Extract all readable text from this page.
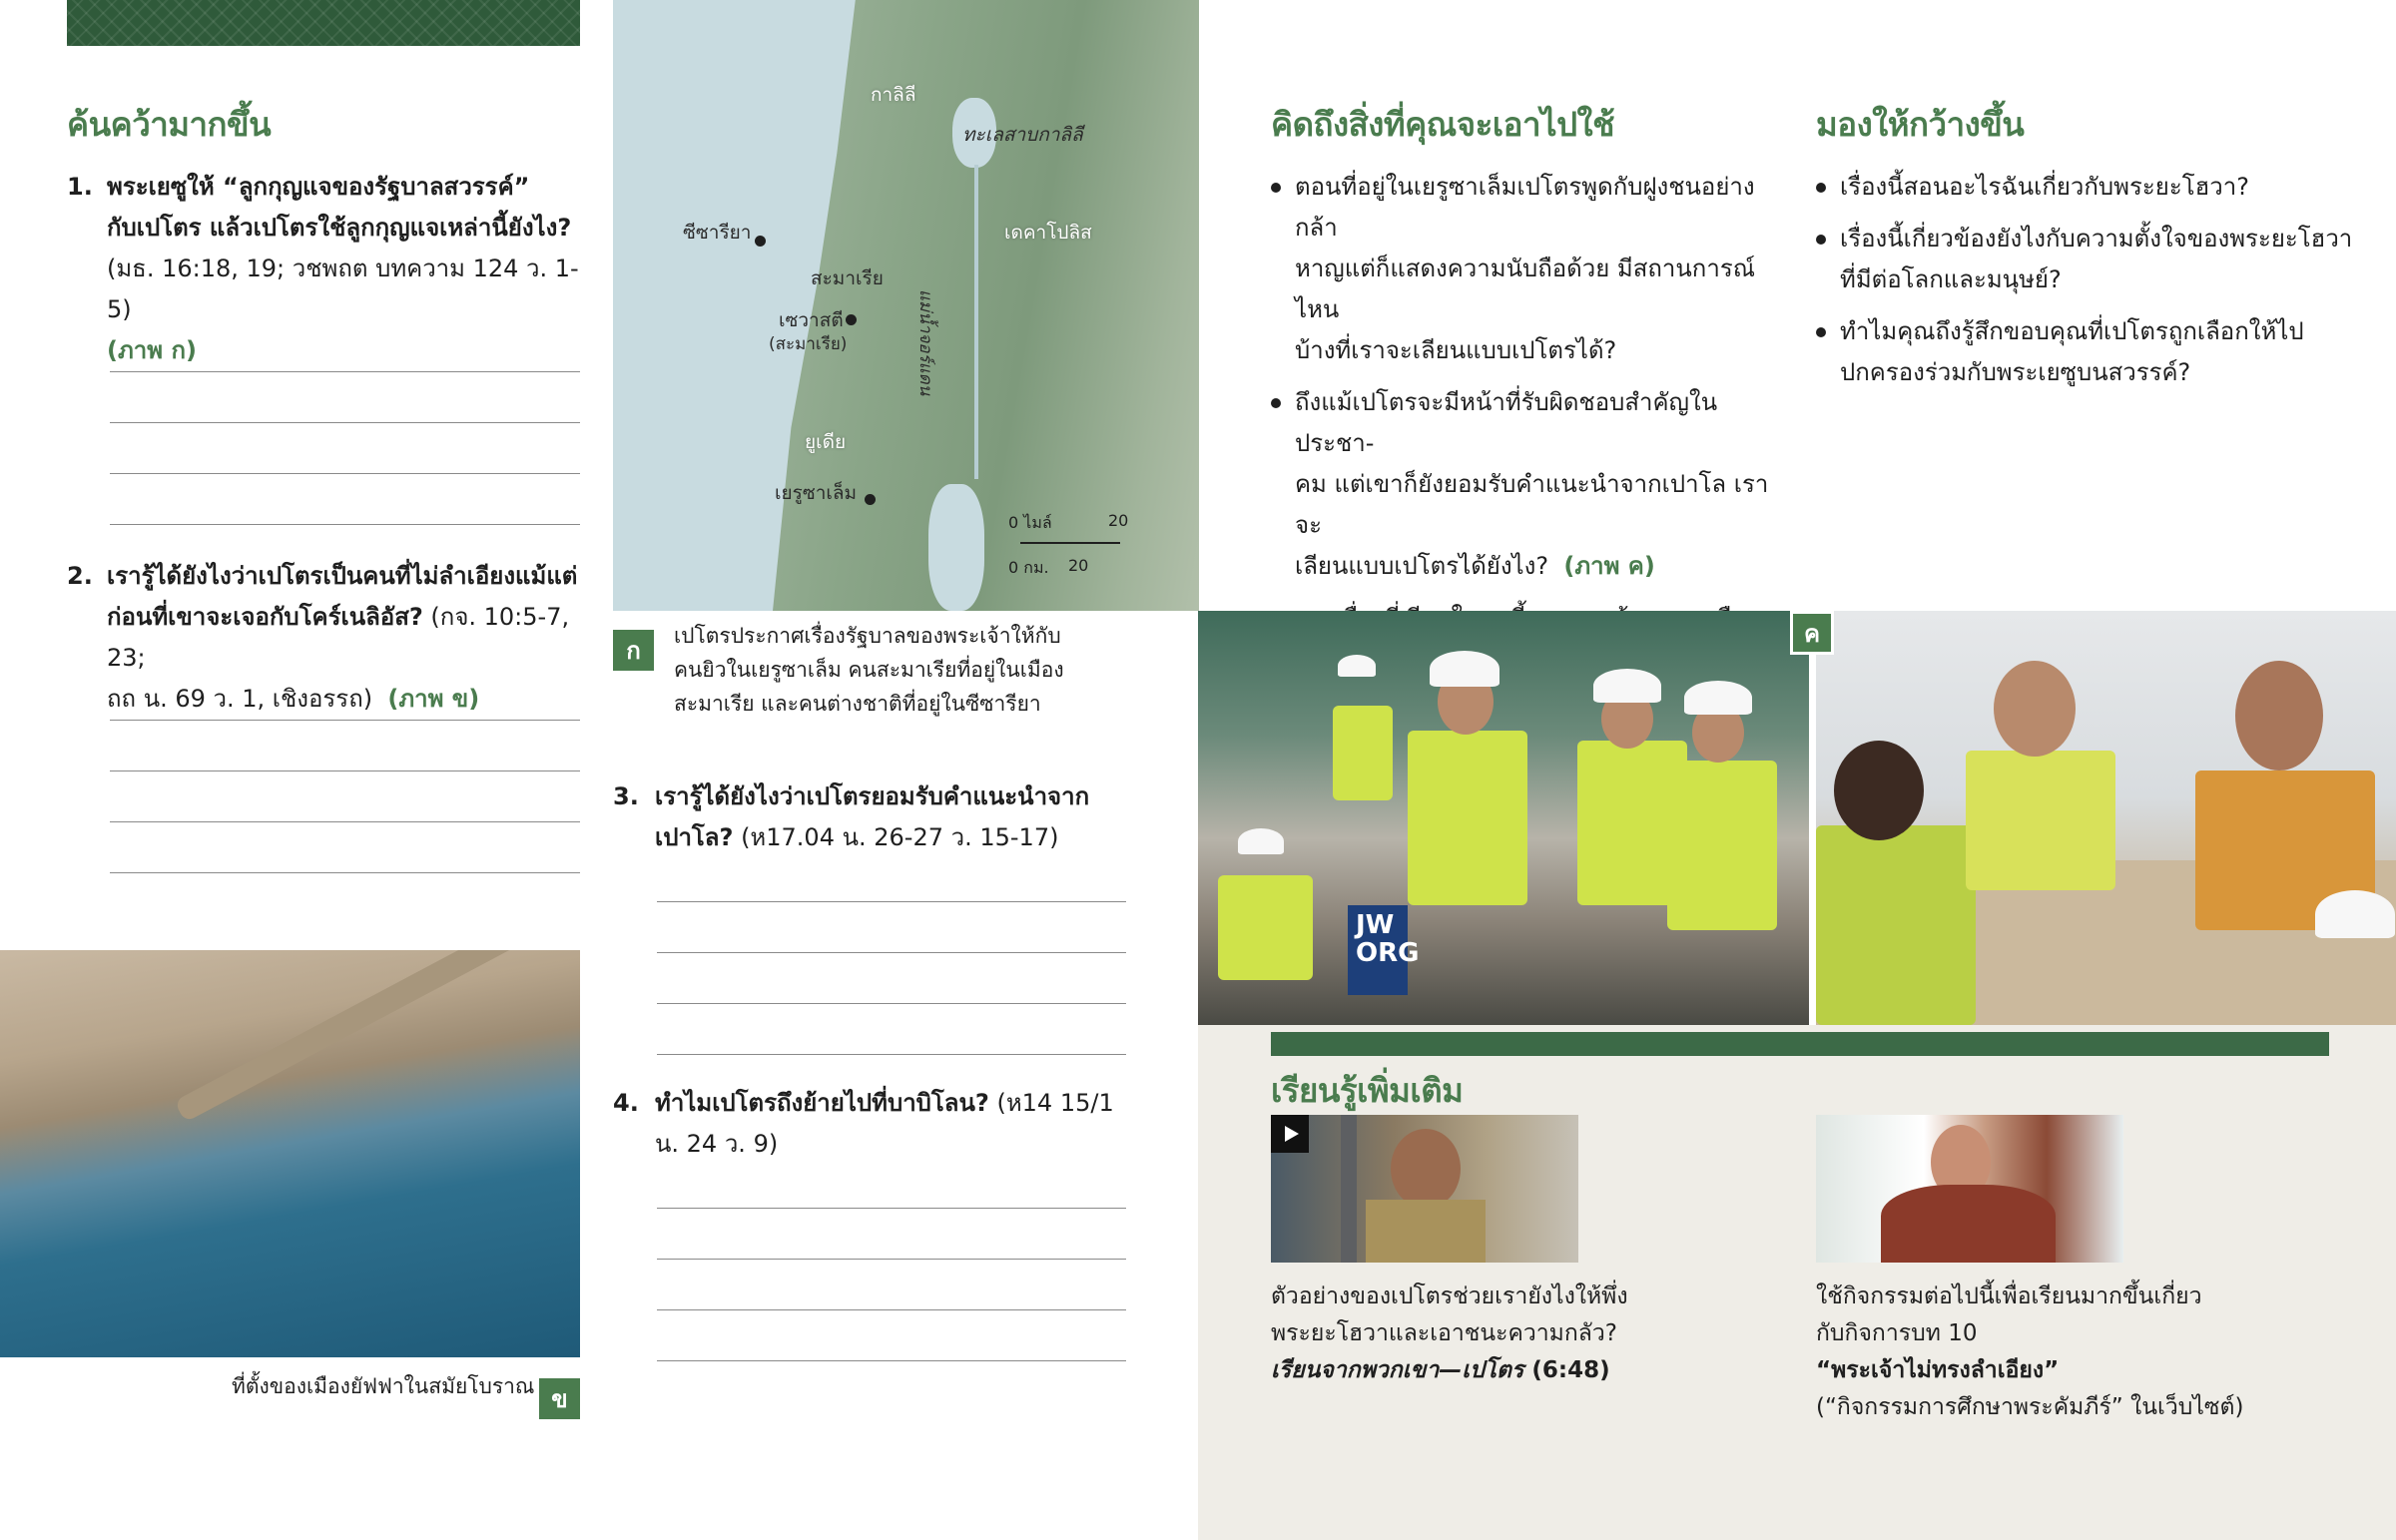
ค้นคว้ามากขึ้น
1. พระเยซูให้ “ลูกกุญแจของรัฐบาลสวรรค์”
กับเปโตร แล้วเปโตรใช้ลูกกุญแจเหล่านี้ยังไง?
(มธ. 16:18, 19; วชพถต บทความ 124 ว. 1-5)
(ภาพ ก)
2. เรารู้ได้ยังไงว่าเปโตรเป็นคนที่ไม่ลำเอียงแม้แต่
ก่อนที่เขาจะเจอกับโคร์เนลิอัส? (กจ. 10:5-7, 23;
ถถ น. 69 ว. 1, เชิงอรรถ) (ภาพ ข)
ที่ตั้งของเมืองยัฟฟาในสมัยโบราณ ข
กาลิลี
ทะเลสาบกาลิลี
ซีซารียา	เดคาโปลิส
สะมาเรีย
เซวาสตี
(สะมาเรีย)	แม่น้ำจอร์แดน
ยูเดีย
เยรูซาเล็ม
0 ไมล์	20
0 กม. 20
ก
เปโตรประกาศเรื่องรัฐบาลของพระเจ้าให้กับ
คนยิวในเยรูซาเล็ม คนสะมาเรียที่อยู่ในเมือง
สะมาเรีย และคนต่างชาติที่อยู่ในซีซารียา
3. เรารู้ได้ยังไงว่าเปโตรยอมรับคำแนะนำจาก
เปาโล? (ห17.04 น. 26-27 ว. 15-17)
4. ทำไมเปโตรถึงย้ายไปที่บาบิโลน? (ห14 15/1
น. 24 ว. 9)
คิดถึงสิ่งที่คุณจะเอาไปใช้
ตอนที่อยู่ในเยรูซาเล็มเปโตรพูดกับฝูงชนอย่างกล้า
หาญแต่ก็แสดงความนับถือด้วย มีสถานการณ์ไหน
บ้างที่เราจะเลียนแบบเปโตรได้?
ถึงแม้เปโตรจะมีหน้าที่รับผิดชอบสำคัญในประชา-
คม แต่เขาก็ยังยอมรับคำแนะนำจากเปาโล เราจะ
เลียนแบบเปโตรได้ยังไง? (ภาพ ค)
มองให้กว้างขึ้น
เรื่องนี้สอนอะไรฉันเกี่ยวกับพระยะโฮวา?
เรื่องนี้เกี่ยวข้องยังไงกับความตั้งใจของพระยะโฮวา
ที่มีต่อโลกและมนุษย์?
ทำไมคุณถึงรู้สึกขอบคุณที่เปโตรถูกเลือกให้ไป
ปกครองร่วมกับพระเยซูบนสวรรค์?
JW
ORG
ค
เรียนรู้เพิ่มเติม
ตัวอย่างของเปโตรช่วยเรายังไงให้พึ่ง
พระยะโฮวาและเอาชนะความกลัว?
เรียนจากพวกเขา—เปโตร (6:48)
ใช้กิจกรรมต่อไปนี้เพื่อเรียนมากขึ้นเกี่ยว
กับกิจการบท 10
“พระเจ้าไม่ทรงลำเอียง”
(“กิจกรรมการศึกษาพระคัมภีร์” ในเว็บไซต์)
